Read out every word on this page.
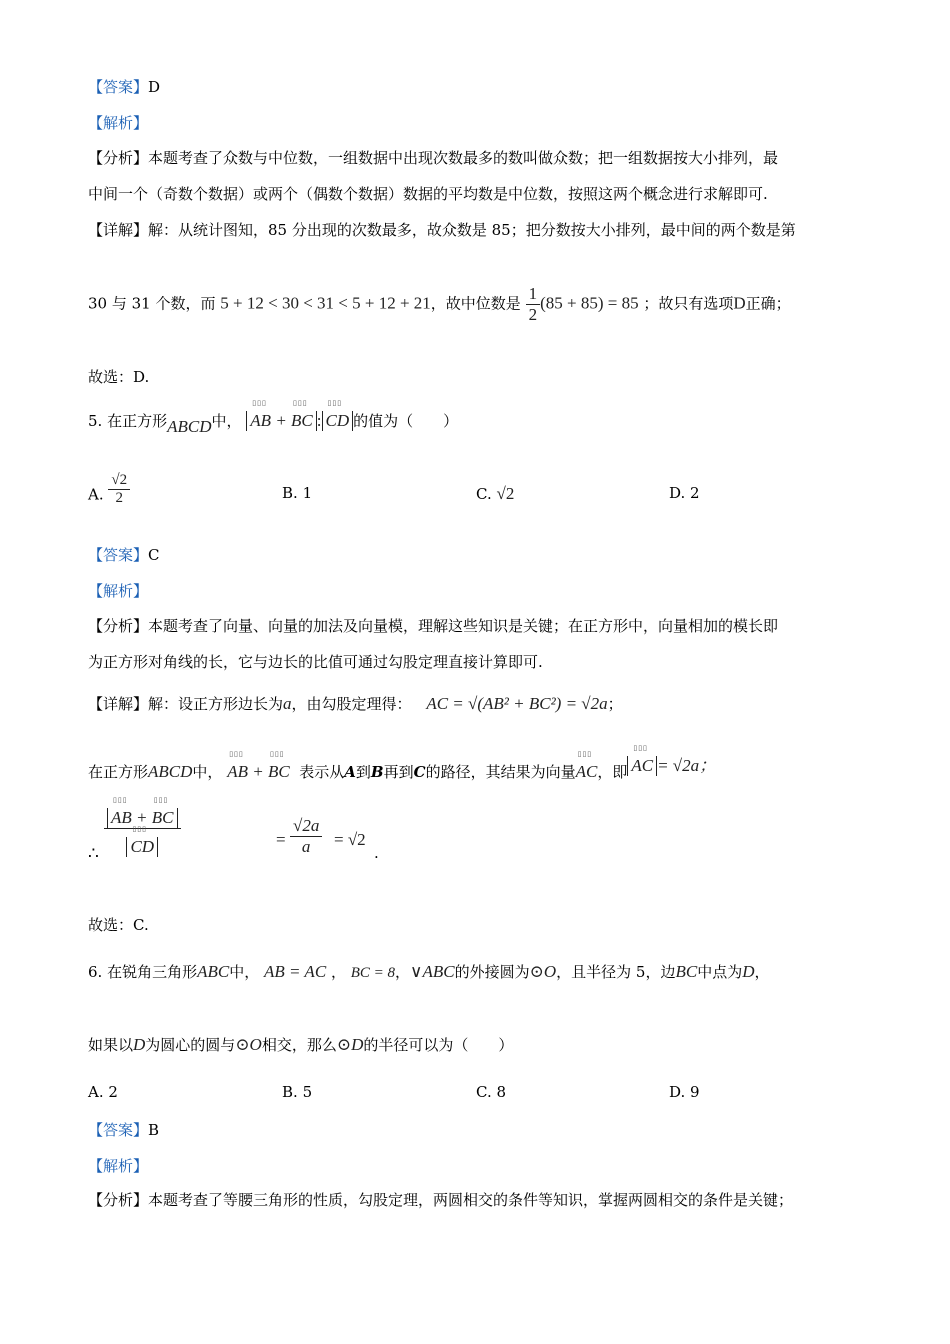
【答案】D
【解析】
【分析】本题考查了众数与中位数，一组数据中出现次数最多的数叫做众数；把一组数据按大小排列，最
中间一个（奇数个数据）或两个（偶数个数据）数据的平均数是中位数，按照这两个概念进行求解即可.
【详解】解：从统计图知，85 分出现的次数最多，故众数是 85；把分数按大小排列，最中间的两个数是第
30 与 31 个数，而 5 + 12 < 30 < 31 < 5 + 12 + 21，故中位数是 $\frac{1}{2} (85 + 85) = 85$ ；故只有选项D正确；
故选：D.
5. 在正方形ABCD中， ▯▯▯ AB + ▯▯▯ BC : ▯▯▯ CD 的值为（　　）
A. $\frac{√2}{2}$	B. 1	C. √2	D. 2
【答案】C
【解析】
【分析】本题考查了向量、向量的加法及向量模，理解这些知识是关键；在正方形中，向量相加的模长即
为正方形对角线的长，它与边长的比值可通过勾股定理直接计算即可.
【详解】解：设正方形边长为a，由勾股定理得： AC = √(AB² + BC²) = √2a；
在正方形ABCD中， ▯▯▯ AB + ▯▯▯ BC 表示从A到B再到C的路径，其结果为向量▯▯▯ AC，即 ▯▯▯ AC = √2a；
∴ ▯▯▯ AB + ▯▯▯ BC
▯▯▯ CD	= $\frac{√2a}{a} = √2$
.
故选：C.
6. 在锐角三角形ABC中， AB = AC ， BC = 8，∨ABC的外接圆为⊙O，且半径为 5，边BC中点为D，
如果以D为圆心的圆与⊙O相交，那么⊙D的半径可以为（　　）
A. 2	B. 5	C. 8	D. 9
【答案】B
【解析】
【分析】本题考查了等腰三角形的性质，勾股定理，两圆相交的条件等知识，掌握两圆相交的条件是关键；
